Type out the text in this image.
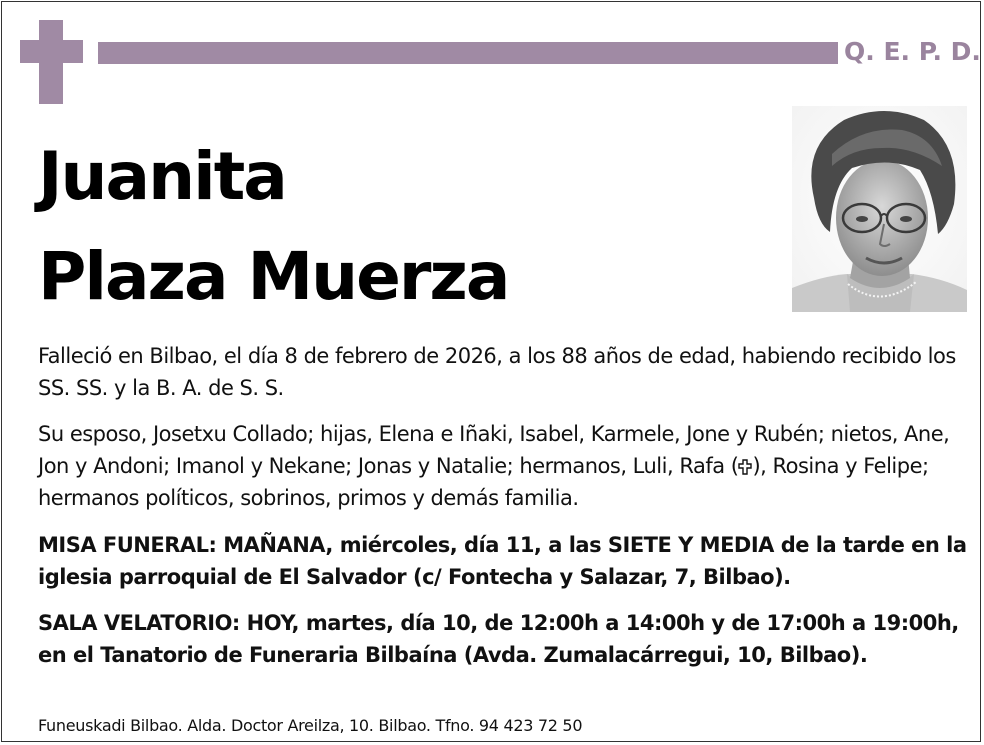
Q. E. P. D.
Juanita
Plaza Muerza
Falleció en Bilbao, el día 8 de febrero de 2026, a los 88 años de edad, habiendo recibido los SS. SS. y la B. A. de S. S.
Su esposo, Josetxu Collado; hijas, Elena e Iñaki, Isabel, Karmele, Jone y Rubén; nietos, Ane, Jon y Andoni; Imanol y Nekane; Jonas y Natalie; hermanos, Luli, Rafa ( ), Rosina y Felipe; hermanos políticos, sobrinos, primos y demás familia.
MISA FUNERAL: MAÑANA, miércoles, día 11, a las SIETE Y MEDIA de la tarde en la iglesia parroquial de El Salvador (c/ Fontecha y Salazar, 7, Bilbao).
SALA VELATORIO: HOY, martes, día 10, de 12:00h a 14:00h y de 17:00h a 19:00h, en el Tanatorio de Funeraria Bilbaína (Avda. Zumalacárregui, 10, Bilbao).
Funeuskadi Bilbao. Alda. Doctor Areilza, 10. Bilbao. Tfno. 94 423 72 50
